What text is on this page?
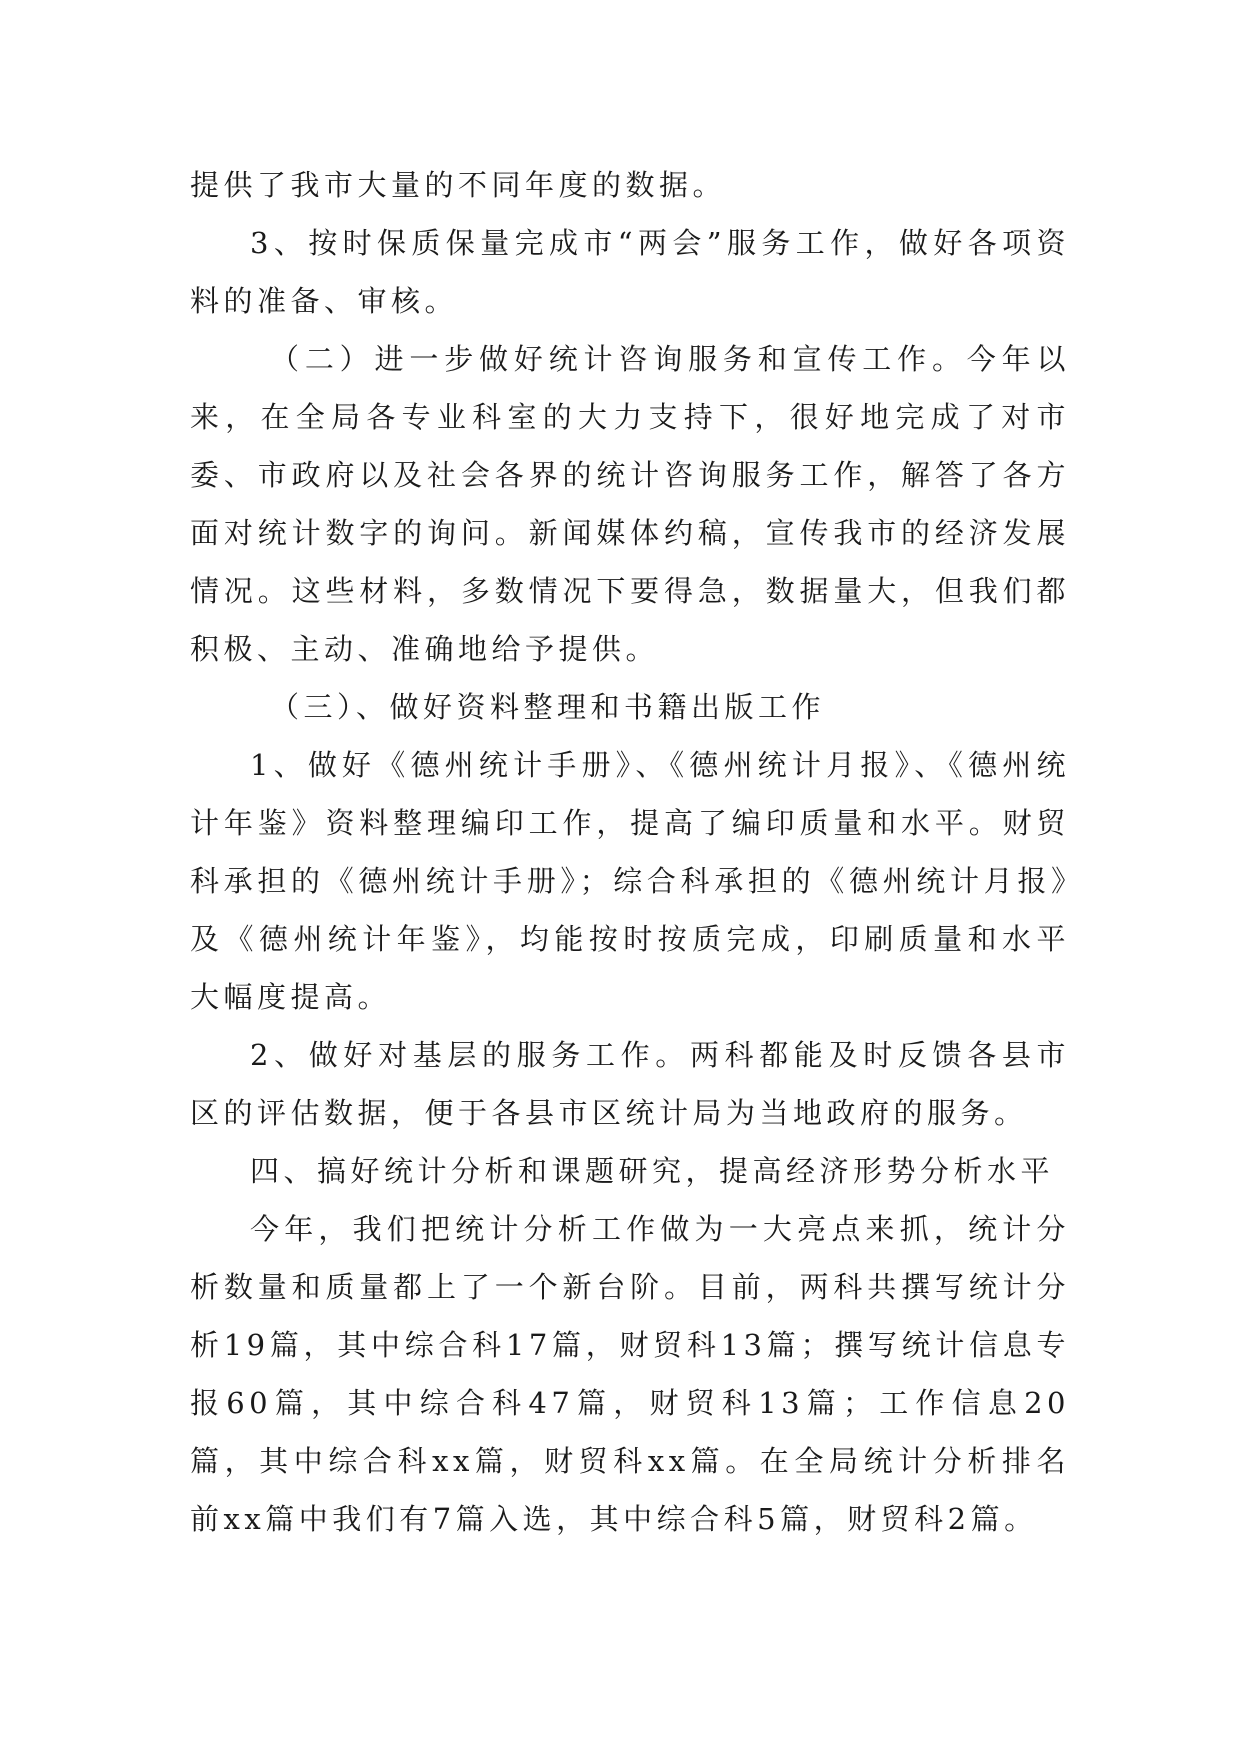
提供了我市大量的不同年度的数据。

3、按时保质保量完成市“两会”服务工作，做好各项资料的准备、审核。

（二）进一步做好统计咨询服务和宣传工作。今年以来，在全局各专业科室的大力支持下，很好地完成了对市委、市政府以及社会各界的统计咨询服务工作，解答了各方面对统计数字的询问。新闻媒体约稿，宣传我市的经济发展情况。这些材料，多数情况下要得急，数据量大，但我们都积极、主动、准确地给予提供。

（三）、做好资料整理和书籍出版工作

1、做好《德州统计手册》、《德州统计月报》、《德州统计年鉴》资料整理编印工作，提高了编印质量和水平。财贸科承担的《德州统计手册》；综合科承担的《德州统计月报》及《德州统计年鉴》，均能按时按质完成，印刷质量和水平大幅度提高。

2、做好对基层的服务工作。两科都能及时反馈各县市区的评估数据，便于各县市区统计局为当地政府的服务。

四、搞好统计分析和课题研究，提高经济形势分析水平

今年，我们把统计分析工作做为一大亮点来抓，统计分析数量和质量都上了一个新台阶。目前，两科共撰写统计分析19篇，其中综合科17篇，财贸科13篇；撰写统计信息专报60篇，其中综合科47篇，财贸科13篇；工作信息20篇，其中综合科xx篇，财贸科xx篇。在全局统计分析排名前xx篇中我们有7篇入选，其中综合科5篇，财贸科2篇。
